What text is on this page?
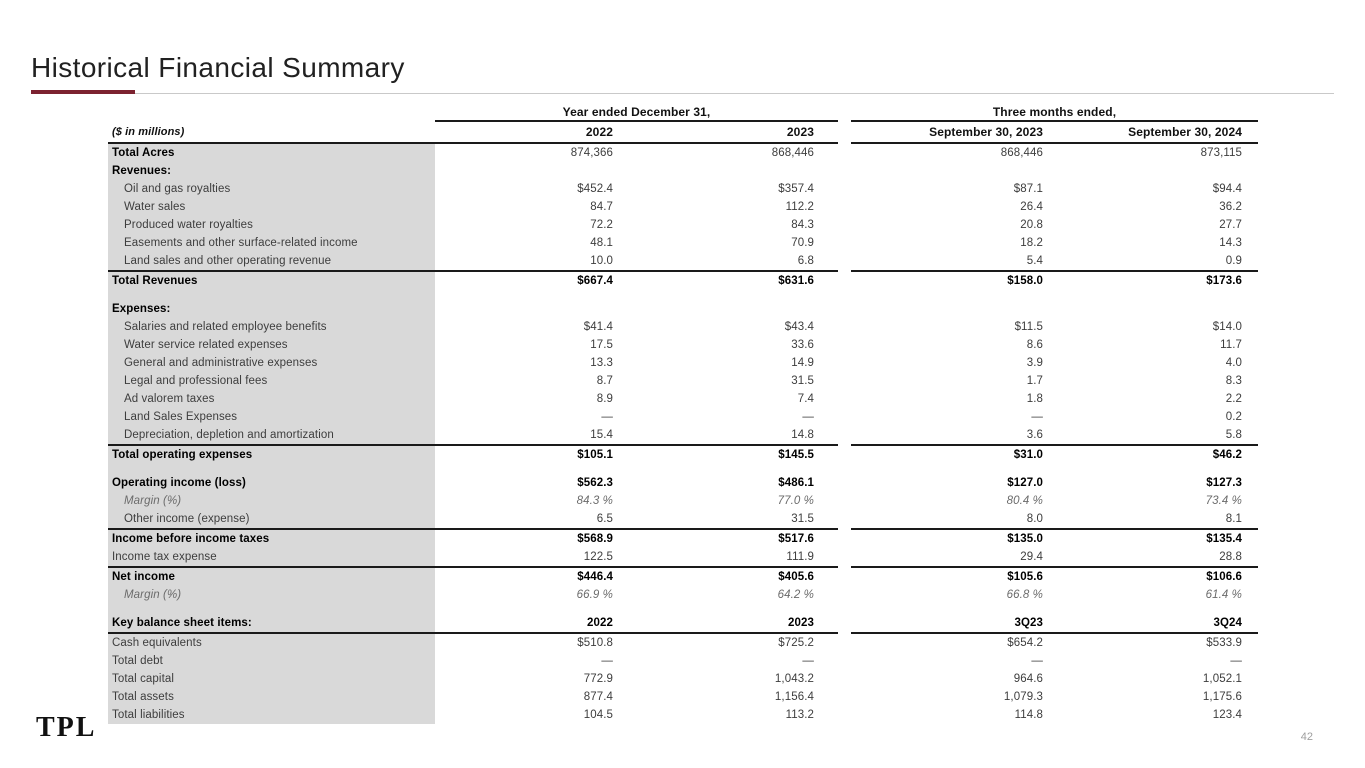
Historical Financial Summary
Year ended December 31,	Three months ended,
($ in millions)	2022	2023	September 30, 2023	September 30, 2024
Total Acres	874,366	868,446	868,446	873,115
Revenues:
Oil and gas royalties	$452.4	$357.4	$87.1	$94.4
Water sales	84.7	112.2	26.4	36.2
Produced water royalties	72.2	84.3	20.8	27.7
Easements and other surface-related income	48.1	70.9	18.2	14.3
Land sales and other operating revenue	10.0	6.8	5.4	0.9
Total Revenues	$667.4	$631.6	$158.0	$173.6
Expenses:
Salaries and related employee benefits	$41.4	$43.4	$11.5	$14.0
Water service related expenses	17.5	33.6	8.6	11.7
General and administrative expenses	13.3	14.9	3.9	4.0
Legal and professional fees	8.7	31.5	1.7	8.3
Ad valorem taxes	8.9	7.4	1.8	2.2
Land Sales Expenses	—	—	—	0.2
Depreciation, depletion and amortization	15.4	14.8	3.6	5.8
Total operating expenses	$105.1	$145.5	$31.0	$46.2
Operating income (loss)	$562.3	$486.1	$127.0	$127.3
Margin (%)	84.3 %	77.0 %	80.4 %	73.4 %
Other income (expense)	6.5	31.5	8.0	8.1
Income before income taxes	$568.9	$517.6	$135.0	$135.4
Income tax expense	122.5	111.9	29.4	28.8
Net income	$446.4	$405.6	$105.6	$106.6
Margin (%)	66.9 %	64.2 %	66.8 %	61.4 %
Key balance sheet items:	2022	2023	3Q23	3Q24
Cash equivalents	$510.8	$725.2	$654.2	$533.9
Total debt	—	—	—	—
Total capital	772.9	1,043.2	964.6	1,052.1
Total assets	877.4	1,156.4	1,079.3	1,175.6
Total liabilities	104.5	113.2	114.8	123.4
TPL	42
